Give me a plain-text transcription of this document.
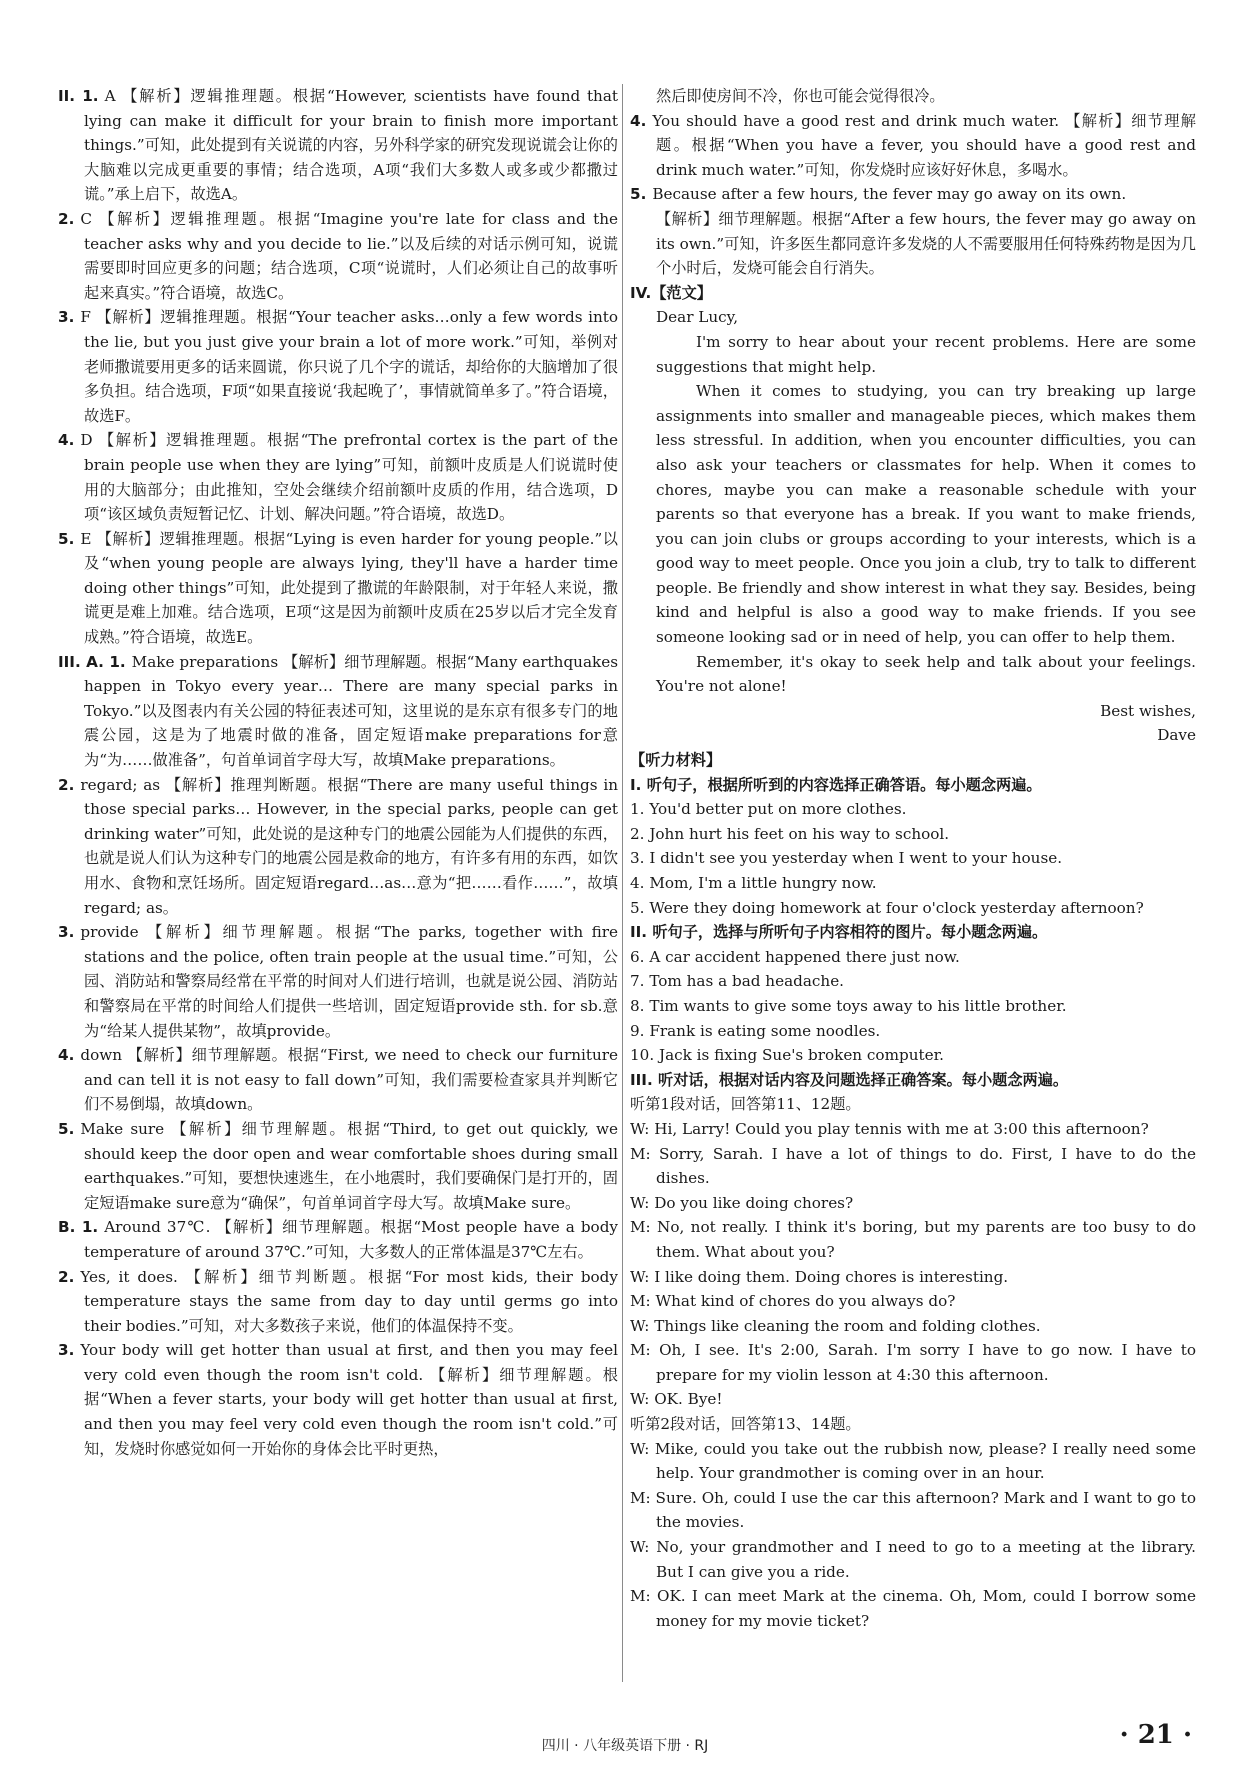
II. 1. A 【解析】逻辑推理题。根据“However, scientists have found that lying can make it difficult for your brain to finish more important things.”可知，此处提到有关说谎的内容，另外科学家的研究发现说谎会让你的大脑难以完成更重要的事情；结合选项，A项“我们大多数人或多或少都撒过谎。”承上启下，故选A。

2. C 【解析】逻辑推理题。根据“Imagine you're late for class and the teacher asks why and you decide to lie.”以及后续的对话示例可知，说谎需要即时回应更多的问题；结合选项，C项“说谎时，人们必须让自己的故事听起来真实。”符合语境，故选C。

3. F 【解析】逻辑推理题。根据“Your teacher asks…only a few words into the lie, but you just give your brain a lot of more work.”可知，举例对老师撒谎要用更多的话来圆谎，你只说了几个字的谎话，却给你的大脑增加了很多负担。结合选项，F项“如果直接说‘我起晚了’，事情就简单多了。”符合语境，故选F。

4. D 【解析】逻辑推理题。根据“The prefrontal cortex is the part of the brain people use when they are lying”可知，前额叶皮质是人们说谎时使用的大脑部分；由此推知，空处会继续介绍前额叶皮质的作用，结合选项，D项“该区域负责短暂记忆、计划、解决问题。”符合语境，故选D。

5. E 【解析】逻辑推理题。根据“Lying is even harder for young people.”以及“when young people are always lying, they'll have a harder time doing other things”可知，此处提到了撒谎的年龄限制，对于年轻人来说，撒谎更是难上加难。结合选项，E项“这是因为前额叶皮质在25岁以后才完全发育成熟。”符合语境，故选E。

III. A. 1. Make preparations 【解析】细节理解题。根据“Many earthquakes happen in Tokyo every year… There are many special parks in Tokyo.”以及图表内有关公园的特征表述可知，这里说的是东京有很多专门的地震公园，这是为了地震时做的准备，固定短语make preparations for意为“为……做准备”，句首单词首字母大写，故填Make preparations。

2. regard; as 【解析】推理判断题。根据“There are many useful things in those special parks… However, in the special parks, people can get drinking water”可知，此处说的是这种专门的地震公园能为人们提供的东西，也就是说人们认为这种专门的地震公园是救命的地方，有许多有用的东西，如饮用水、食物和烹饪场所。固定短语regard…as…意为“把……看作……”，故填regard; as。

3. provide 【解析】细节理解题。根据“The parks, together with fire stations and the police, often train people at the usual time.”可知，公园、消防站和警察局经常在平常的时间对人们进行培训，也就是说公园、消防站和警察局在平常的时间给人们提供一些培训，固定短语provide sth. for sb.意为“给某人提供某物”，故填provide。

4. down 【解析】细节理解题。根据“First, we need to check our furniture and can tell it is not easy to fall down”可知，我们需要检查家具并判断它们不易倒塌，故填down。

5. Make sure 【解析】细节理解题。根据“Third, to get out quickly, we should keep the door open and wear comfortable shoes during small earthquakes.”可知，要想快速逃生，在小地震时，我们要确保门是打开的，固定短语make sure意为“确保”，句首单词首字母大写。故填Make sure。

B. 1. Around 37℃. 【解析】细节理解题。根据“Most people have a body temperature of around 37℃.”可知，大多数人的正常体温是37℃左右。

2. Yes, it does. 【解析】细节判断题。根据“For most kids, their body temperature stays the same from day to day until germs go into their bodies.”可知，对大多数孩子来说，他们的体温保持不变。

3. Your body will get hotter than usual at first, and then you may feel very cold even though the room isn't cold. 【解析】细节理解题。根据“When a fever starts, your body will get hotter than usual at first, and then you may feel very cold even though the room isn't cold.”可知，发烧时你感觉如何一开始你的身体会比平时更热，

然后即使房间不冷，你也可能会觉得很冷。

4. You should have a good rest and drink much water. 【解析】细节理解题。根据“When you have a fever, you should have a good rest and drink much water.”可知，你发烧时应该好好休息，多喝水。

5. Because after a few hours, the fever may go away on its own.

【解析】细节理解题。根据“After a few hours, the fever may go away on its own.”可知，许多医生都同意许多发烧的人不需要服用任何特殊药物是因为几个小时后，发烧可能会自行消失。

IV.【范文】

Dear Lucy,

I'm sorry to hear about your recent problems. Here are some suggestions that might help.

When it comes to studying, you can try breaking up large assignments into smaller and manageable pieces, which makes them less stressful. In addition, when you encounter difficulties, you can also ask your teachers or classmates for help. When it comes to chores, maybe you can make a reasonable schedule with your parents so that everyone has a break. If you want to make friends, you can join clubs or groups according to your interests, which is a good way to meet people. Once you join a club, try to talk to different people. Be friendly and show interest in what they say. Besides, being kind and helpful is also a good way to make friends. If you see someone looking sad or in need of help, you can offer to help them.

Remember, it's okay to seek help and talk about your feelings. You're not alone!

Best wishes,

Dave

【听力材料】

I. 听句子，根据所听到的内容选择正确答语。每小题念两遍。

1. You'd better put on more clothes.

2. John hurt his feet on his way to school.

3. I didn't see you yesterday when I went to your house.

4. Mom, I'm a little hungry now.

5. Were they doing homework at four o'clock yesterday afternoon?

II. 听句子，选择与所听句子内容相符的图片。每小题念两遍。

6. A car accident happened there just now.

7. Tom has a bad headache.

8. Tim wants to give some toys away to his little brother.

9. Frank is eating some noodles.

10. Jack is fixing Sue's broken computer.

III. 听对话，根据对话内容及问题选择正确答案。每小题念两遍。

听第1段对话，回答第11、12题。

W: Hi, Larry! Could you play tennis with me at 3:00 this afternoon?

M: Sorry, Sarah. I have a lot of things to do. First, I have to do the dishes.

W: Do you like doing chores?

M: No, not really. I think it's boring, but my parents are too busy to do them. What about you?

W: I like doing them. Doing chores is interesting.

M: What kind of chores do you always do?

W: Things like cleaning the room and folding clothes.

M: Oh, I see. It's 2:00, Sarah. I'm sorry I have to go now. I have to prepare for my violin lesson at 4:30 this afternoon.

W: OK. Bye!

听第2段对话，回答第13、14题。

W: Mike, could you take out the rubbish now, please? I really need some help. Your grandmother is coming over in an hour.

M: Sure. Oh, could I use the car this afternoon? Mark and I want to go to the movies.

W: No, your grandmother and I need to go to a meeting at the library. But I can give you a ride.

M: OK. I can meet Mark at the cinema. Oh, Mom, could I borrow some money for my movie ticket?

四川 · 八年级英语下册 · RJ	· 21 ·
